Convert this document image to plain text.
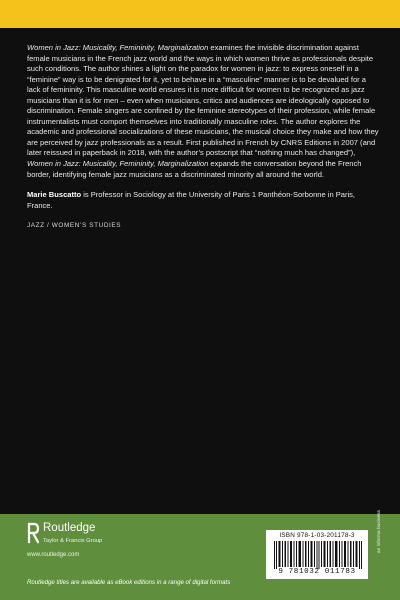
Women in Jazz: Musicality, Femininity, Marginalization examines the invisible discrimination against female musicians in the French jazz world and the ways in which women thrive as professionals despite such conditions. The author shines a light on the paradox for women in jazz: to express oneself in a “feminine” way is to be denigrated for it, yet to behave in a “masculine” manner is to be devalued for a lack of femininity. This masculine world ensures it is more difficult for women to be recognized as jazz musicians than it is for men – even when musicians, critics and audiences are ideologically opposed to discrimination. Female singers are confined by the feminine stereotypes of their profession, while female instrumentalists must comport themselves into traditionally masculine roles. The author explores the academic and professional socializations of these musicians, the musical choice they make and how they are perceived by jazz professionals as a result. First published in French by CNRS Editions in 2007 (and later reissued in paperback in 2018, with the author’s postscript that “nothing much has changed”), Women in Jazz: Musicality, Femininity, Marginalization expands the conversation beyond the French border, identifying female jazz musicians as a discriminated minority all around the world.

Marie Buscatto is Professor in Sociology at the University of Paris 1 Panthéon-Sorbonne in Paris, France.

JAZZ / WOMEN’S STUDIES

Routledge
Taylor & Francis Group
www.routledge.com
Routledge titles are available as eBook editions in a range of digital formats
ISBN 978-1-03-201178-3
9 781032 011783
an informa business
